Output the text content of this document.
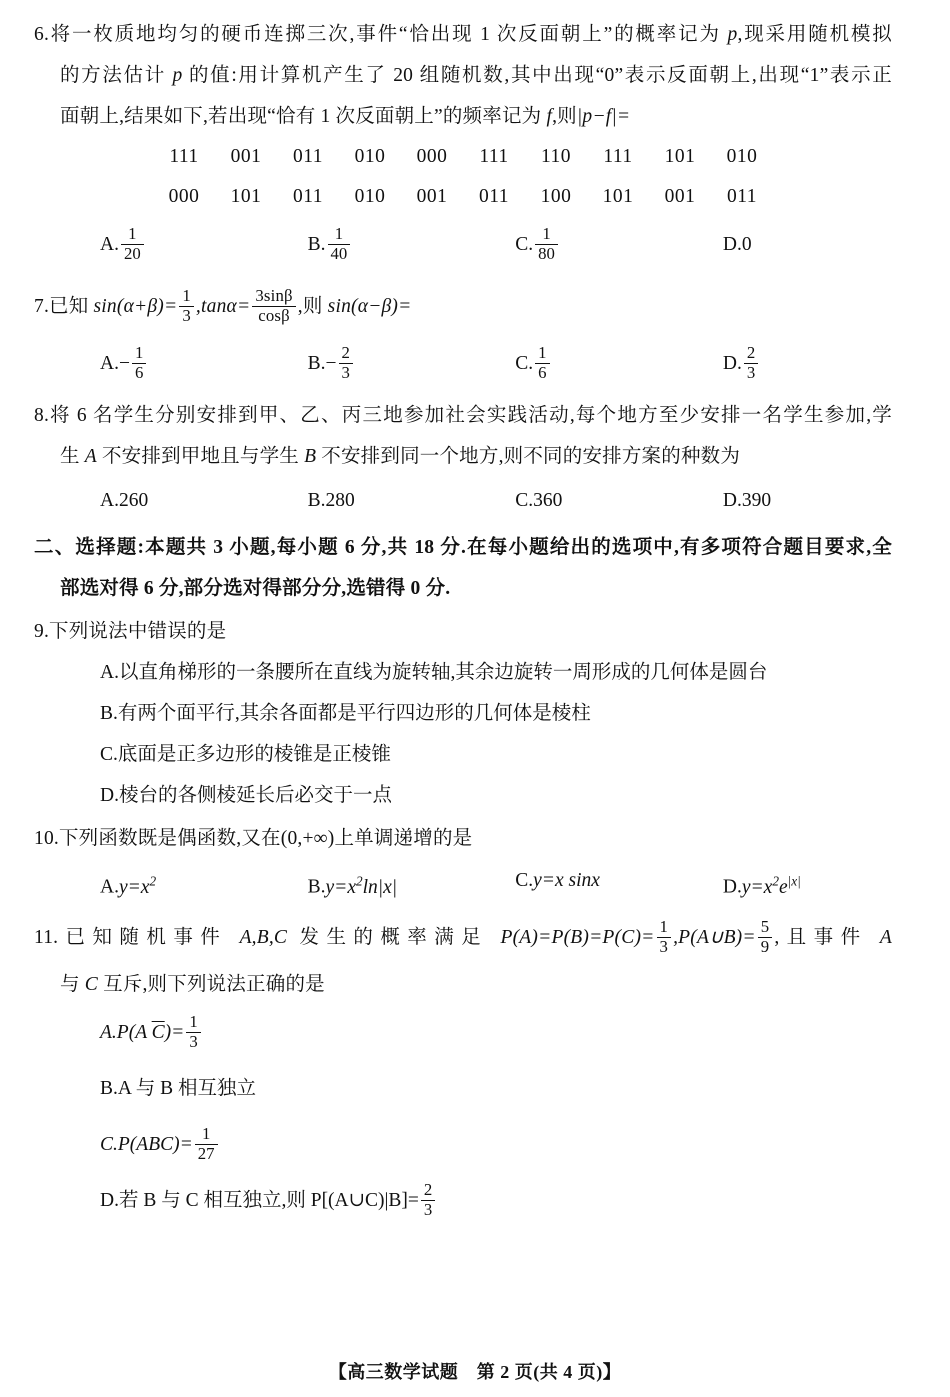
6.将一枚质地均匀的硬币连掷三次,事件“恰出现 1 次反面朝上”的概率记为 p,现采用随机模拟
的方法估计 p 的值:用计算机产生了 20 组随机数,其中出现“0”表示反面朝上,出现“1”表示正
面朝上,结果如下,若出现“恰有 1 次反面朝上”的频率记为 f,则|p−f|=
111 001 011 010 000 111 110 111 101 010
000 101 011 010 001 011 100 101 001 011
A. $\frac{1}{20}$	B. $\frac{1}{40}$	C. $\frac{1}{80}$	D.0
7.已知 $\sin(\alpha+\beta)= \frac{1}{3} ,\tan\alpha= \frac{3\sin\beta}{\cos\beta}$ ,则 sin(α−β)=
$A.- \frac{1}{6}$	$B.- \frac{2}{3}$	C. $\frac{1}{6}$	D. $\frac{2}{3}$
8.将 6 名学生分别安排到甲、乙、丙三地参加社会实践活动,每个地方至少安排一名学生参加,学
生 A 不安排到甲地且与学生 B 不安排到同一个地方,则不同的安排方案的种数为
A.260	B.280	C.360	D.390
二、选择题:本题共 3 小题,每小题 6 分,共 18 分.在每小题给出的选项中,有多项符合题目要求,全
部选对得 6 分,部分选对得部分分,选错得 0 分.
9.下列说法中错误的是
A.以直角梯形的一条腰所在直线为旋转轴,其余边旋转一周形成的几何体是圆台
B.有两个面平行,其余各面都是平行四边形的几何体是棱柱
C.底面是正多边形的棱锥是正棱锥
D.棱台的各侧棱延长后必交于一点
10.下列函数既是偶函数,又在(0,+∞)上单调递增的是
$A.y=x^2$	$B.y=x^2\ln|x|$	C.y=x sinx	$D.y=x^2e^{|x|}$
11.已知随机事件 A,B,C 发生的概率满足 $P(A)=P(B)=P(C)= \frac{1}{3}$ ,P(A∪B)= $\frac{5}{9}$ ,且事件 A
与 C 互斥,则下列说法正确的是
A.P(A $\overline{C})= \frac{1}{3}$
B.A 与 B 相互独立
$C.P(ABC)= \frac{1}{27}$
D.若 B 与 C 相互独立,则 P[(A∪C)|B]= $\frac{2}{3}$
【高三数学试题　第 2 页(共 4 页)】
